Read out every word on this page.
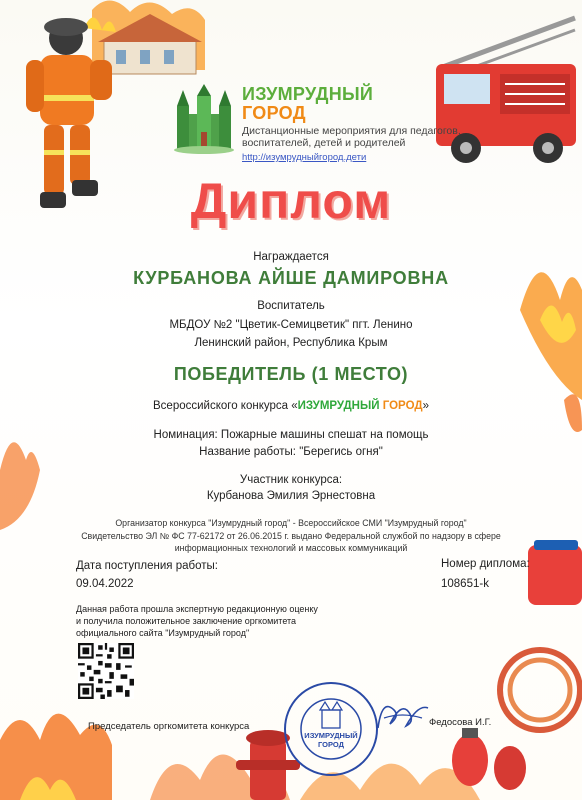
ИЗУМРУДНЫЙ
ГОРОД
Дистанционные мероприятия для педагогов,
воспитателей, детей и родителей
http://изумрудныйгород.дети
Диплом
Награждается
КУРБАНОВА АЙШЕ ДАМИРОВНА
Воспитатель
МБДОУ №2 "Цветик-Семицветик" пгт. Ленино
Ленинский район, Республика Крым
ПОБЕДИТЕЛЬ (1 МЕСТО)
Всероссийского конкурса «ИЗУМРУДНЫЙ ГОРОД»
Номинация: Пожарные машины спешат на помощь
Название работы: "Берегись огня"
Участник конкурса:
Курбанова Эмилия Эрнестовна
Организатор конкурса "Изумрудный город" - Всероссийское СМИ "Изумрудный город"
Свидетельство ЭЛ № ФС 77-62172 от 26.06.2015 г. выдано Федеральной службой по надзору в сфере
информационных технологий и массовых коммуникаций
Дата поступления работы:
09.04.2022
Номер диплома:
108651-k
Данная работа прошла экспертную редакционную оценку
и получила положительное заключение оргкомитета
официального сайта "Изумрудный город"
Председатель оргкомитета конкурса
ИЗУМРУДНЫЙ
ГОРОД
Федосова И.Г.
